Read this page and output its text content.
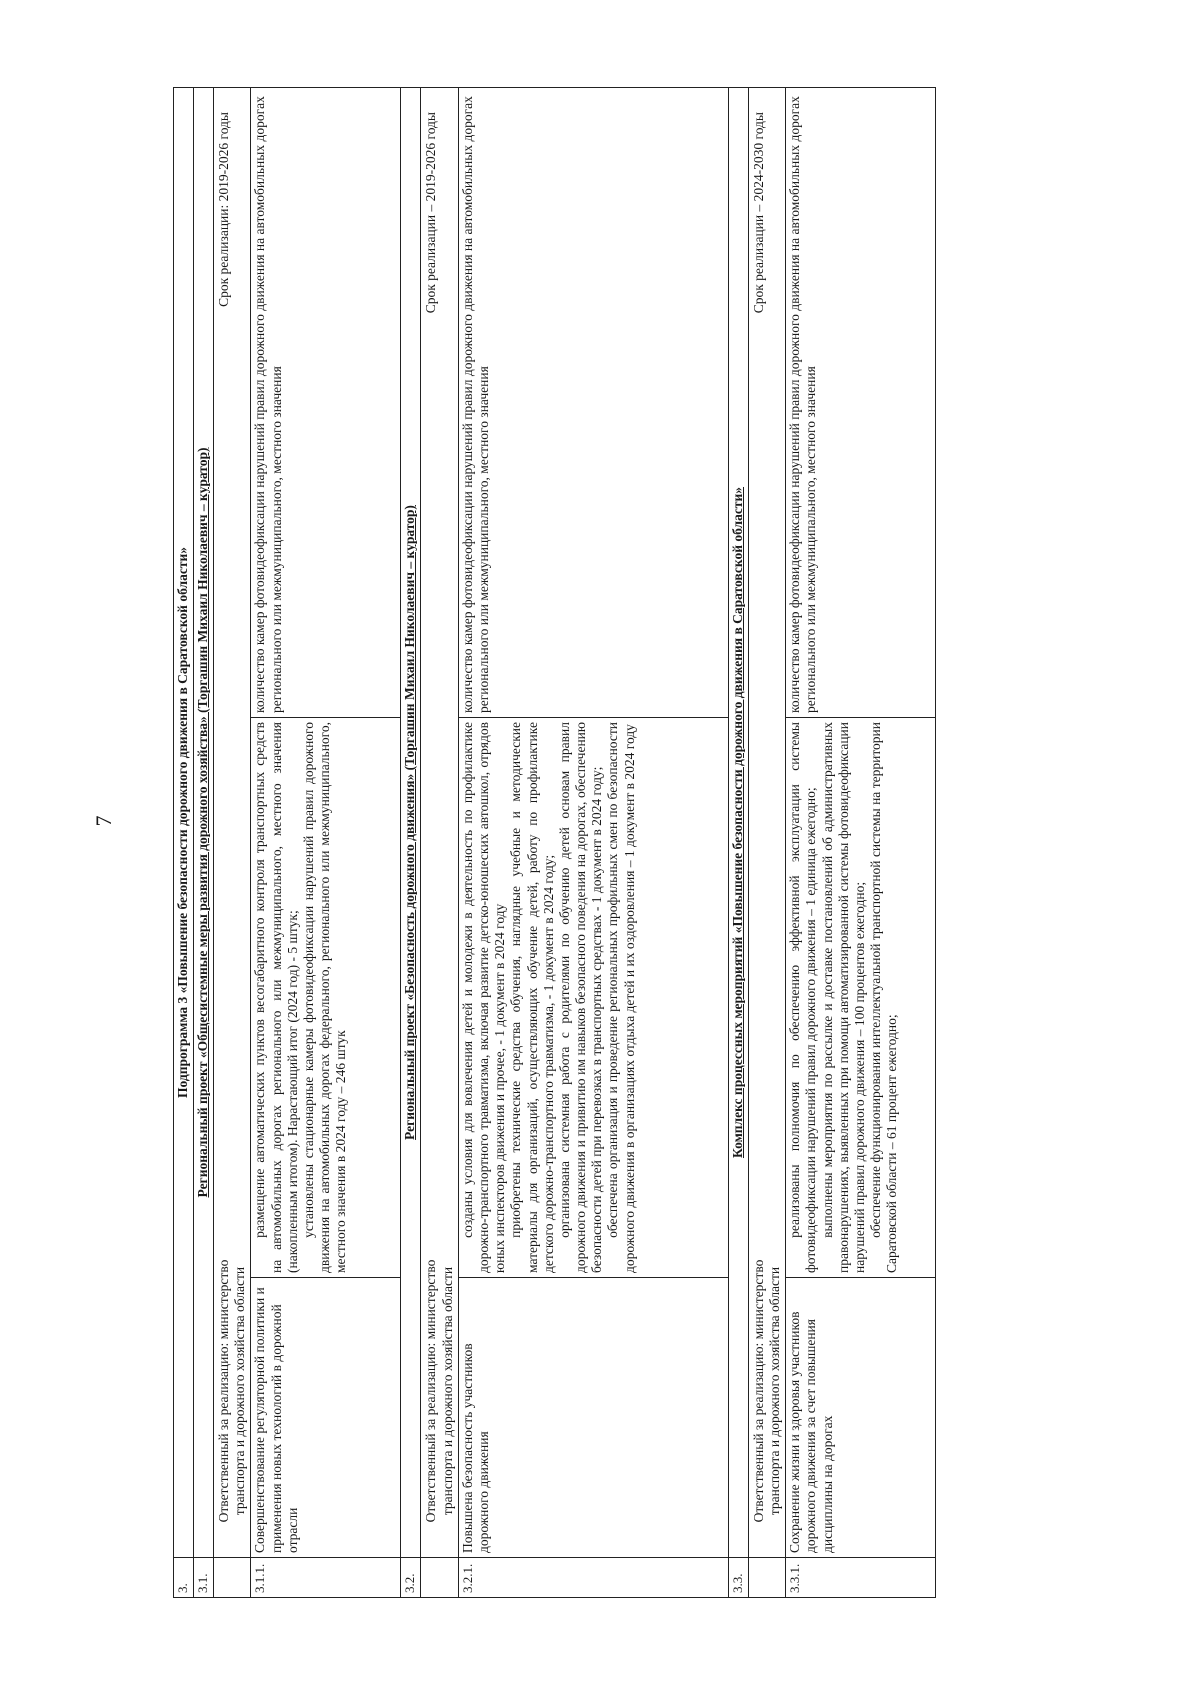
7
3.	Подпрограмма 3 «Повышение безопасности дорожного движения в Саратовской области»		
3.1.	Региональный проект «Общесистемные меры развития дорожного хозяйства» (Торгашин Михаил Николаевич – куратор)		

	Ответственный за реализацию: министерство транспорта и дорожного хозяйства области
Срок реализации: 2019-2026 годы		

3.1.1.	Совершенствование регуляторной политики и применения новых технологий в дорожной отрасли	размещение автоматических пунктов весогабаритного контроля транспортных средств на автомобильных дорогах регионального или межмуниципального, местного значения (накопленным итогом). Нарастающий итог (2024 год) - 5 штук; установлены стационарные камеры фотовидеофиксации нарушений правил дорожного движения на автомобильных дорогах федерального, регионального или межмуниципального, местного значения в 2024 году – 246 штук	количество камер фотовидеофиксации нарушений правил дорожного движения на автомобильных дорогах регионального или межмуниципального, местного значения
3.2.	Региональный проект «Безопасность дорожного движения» (Торгашин Михаил Николаевич – куратор)		

	Ответственный за реализацию: министерство транспорта и дорожного хозяйства области
Срок реализации – 2019-2026 годы		

3.2.1.	Повышена безопасность участников дорожного движения	созданы условия для вовлечения детей и молодежи в деятельность по профилактике дорожно-транспортного травматизма, включая развитие детско-юношеских автошкол, отрядов юных инспекторов движения и прочее, - 1 документ в 2024 году приобретены технические средства обучения, наглядные учебные и методические материалы для организаций, осуществляющих обучение детей, работу по профилактике детского дорожно-транспортного травматизма, - 1 документ в 2024 году; организована системная работа с родителями по обучению детей основам правил дорожного движения и привитию им навыков безопасного поведения на дорогах, обеспечению безопасности детей при перевозках в транспортных средствах - 1 документ в 2024 году; обеспечена организация и проведение региональных профильных смен по безопасности дорожного движения в организациях отдыха детей и их оздоровления – 1 документ в 2024 году	количество камер фотовидеофиксации нарушений правил дорожного движения на автомобильных дорогах регионального или межмуниципального, местного значения
3.3.	Комплекс процессных мероприятий «Повышение безопасности дорожного движения в Саратовской области»		

	Ответственный за реализацию: министерство транспорта и дорожного хозяйства области
Срок реализации – 2024-2030 годы		

3.3.1.	Сохранение жизни и здоровья участников дорожного движения за счет повышения дисциплины на дорогах	реализованы полномочия по обеспечению эффективной эксплуатации системы фотовидеофиксации нарушений правил дорожного движения – 1 единица ежегодно; выполнены мероприятия по рассылке и доставке постановлений об административных правонарушениях, выявленных при помощи автоматизированной системы фотовидеофиксации нарушений правил дорожного движения – 100 процентов ежегодно; обеспечение функционирования интеллектуальной транспортной системы на территории Саратовской области – 61 процент ежегодно;	количество камер фотовидеофиксации нарушений правил дорожного движения на автомобильных дорогах регионального или межмуниципального, местного значения
